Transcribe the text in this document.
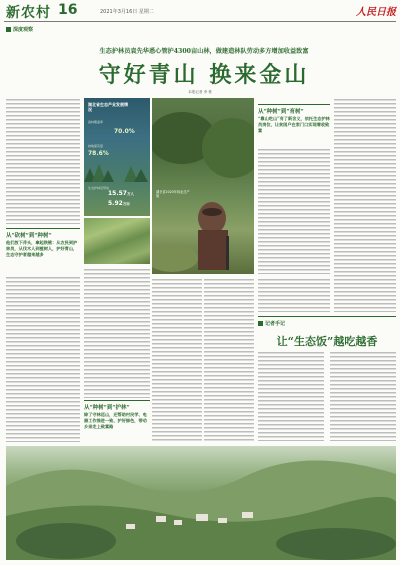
新农村 16	2021年3月16日 星期二	人民日报
深度观察
生态护林员袁先华悉心管护4300亩山林，做建造林队劳动多方增加收益致富
守好青山 换来金山
本报记者 李 栋
从“砍树”到“种树”
他们放下斧头，拿起铁锹：从农民到护林员，从伐木人到植树人，护好青山，生态守护者越来越多
湖北省生态产业发展情况
森林覆盖率
70.0%
林地保有量
78.6%
生态护林员带动
15.57万人
5.92万亩
湖北省2020年林业总产值
从“种树”到“育树”
“靠山吃山”有了新含义，依托生态护林员岗位，让贫困户在家门口实现增收致富
从“种树”到“护林”
除了守林巡山，还帮助村民学、电器工作推进一致、护好绿色，带动乡亲走上致富路
记者手记
让“生态饭”越吃越香
